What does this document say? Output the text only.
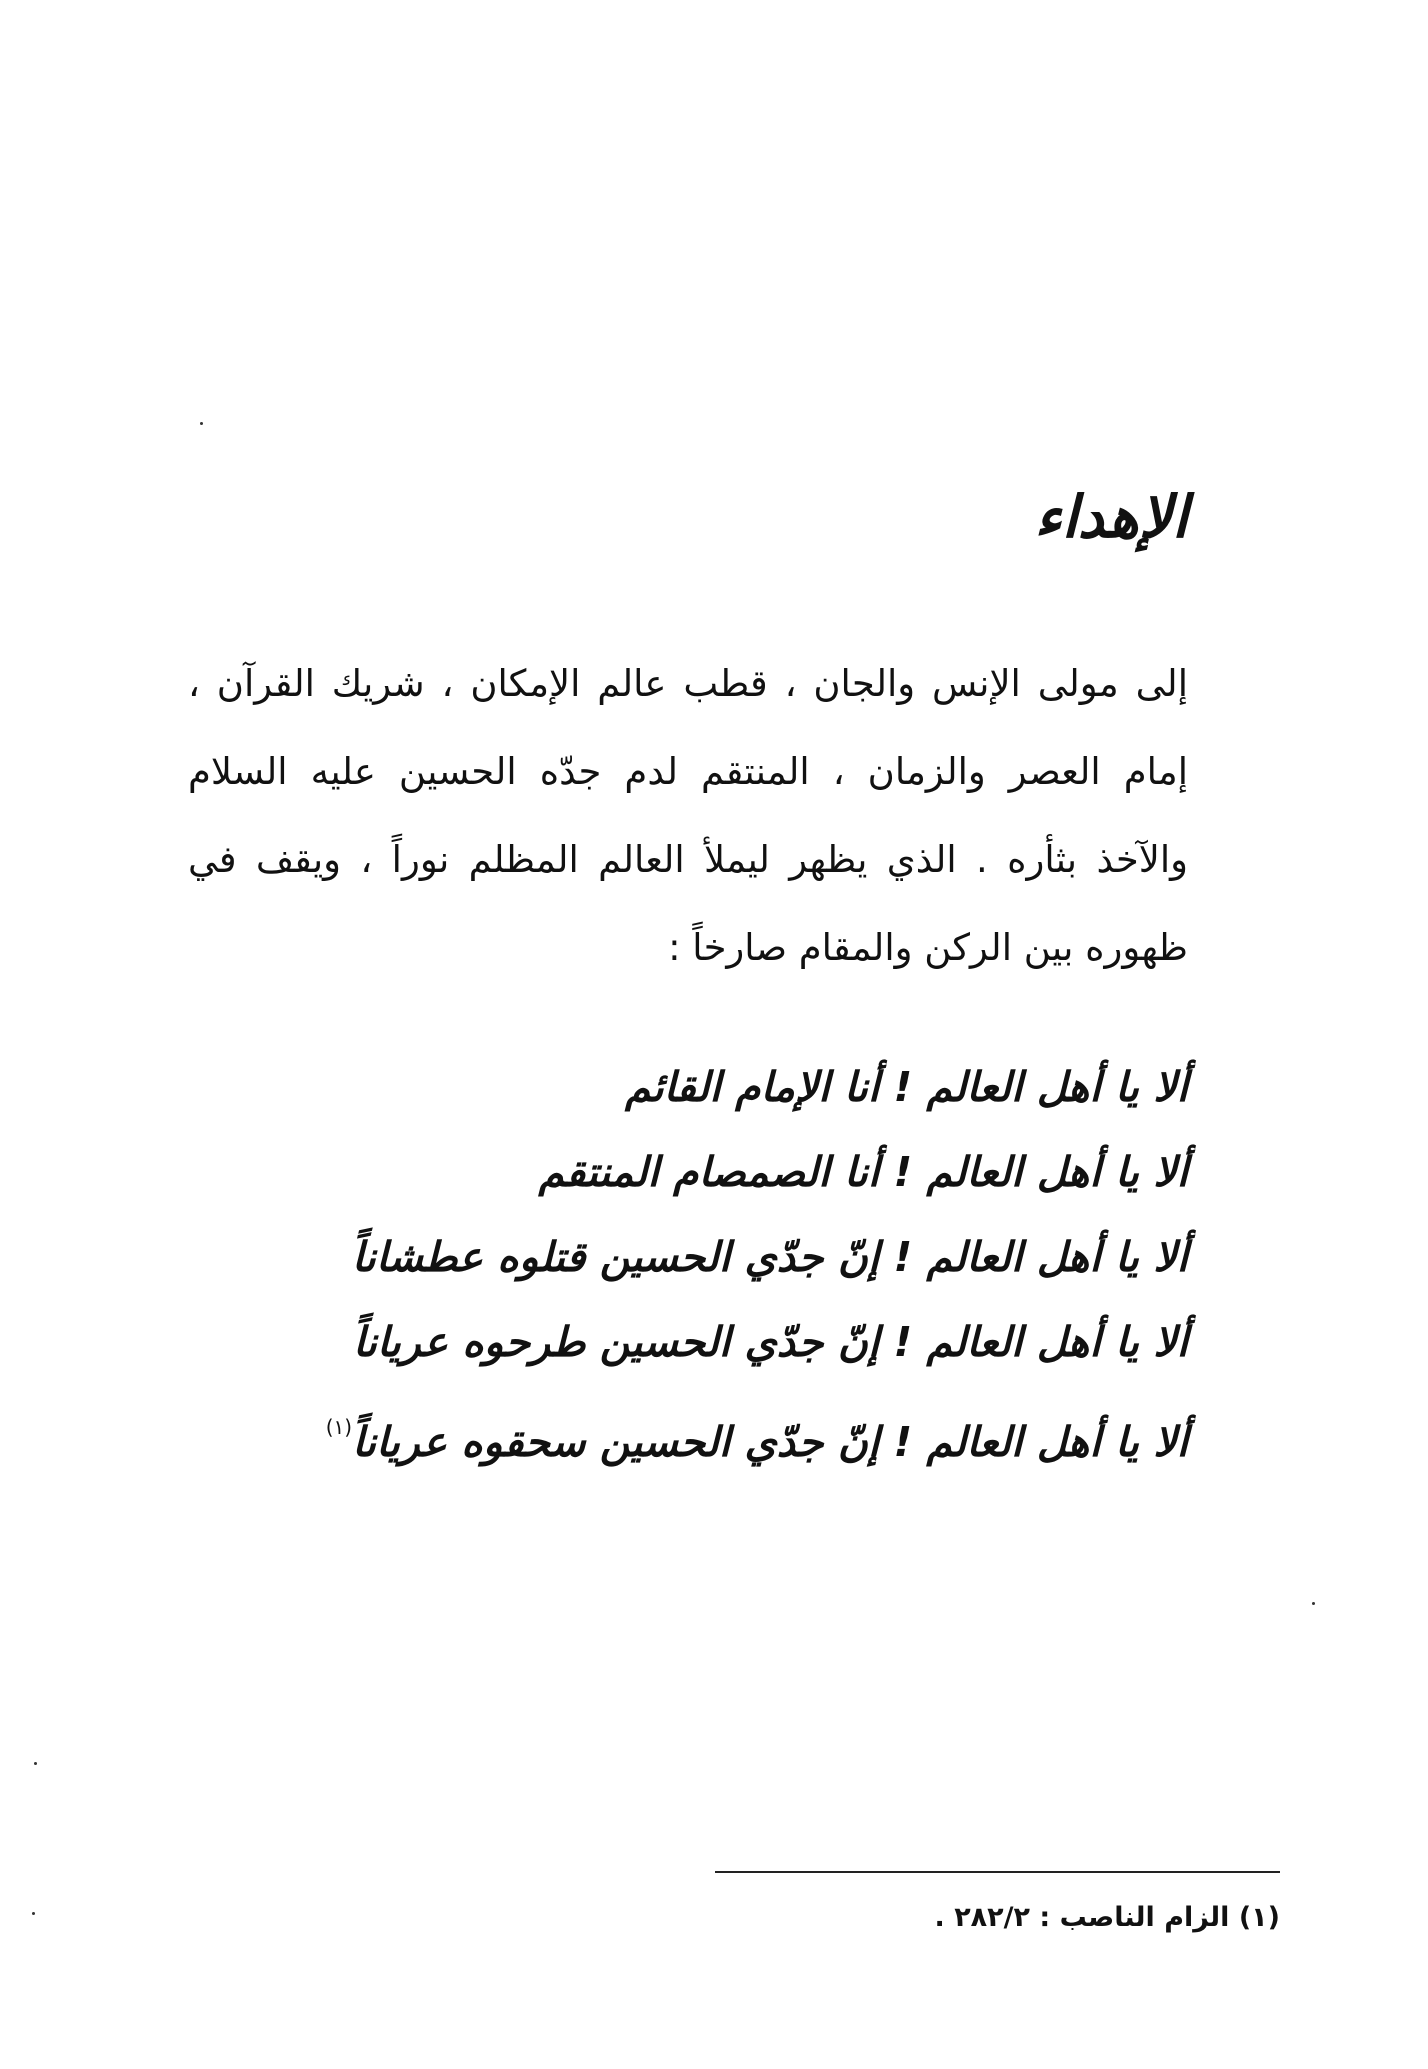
الإهداء
إلى مولى الإنس والجان ، قطب عالم الإمكان ، شريك القرآن ، إمام العصر والزمان ، المنتقم لدم جدّه الحسين عليه السلام والآخذ بثأره . الذي يظهر ليملأ العالم المظلم نوراً ، ويقف في ظهوره بين الركن والمقام صارخاً :
ألا يا أهل العالم ! أنا الإمام القائم
ألا يا أهل العالم ! أنا الصمصام المنتقم
ألا يا أهل العالم ! إنّ جدّي الحسين قتلوه عطشاناً
ألا يا أهل العالم ! إنّ جدّي الحسين طرحوه عرياناً
ألا يا أهل العالم ! إنّ جدّي الحسين سحقوه عرياناً$^{(١)}$
(١) الزام الناصب : ٢٨٢/٢ .
